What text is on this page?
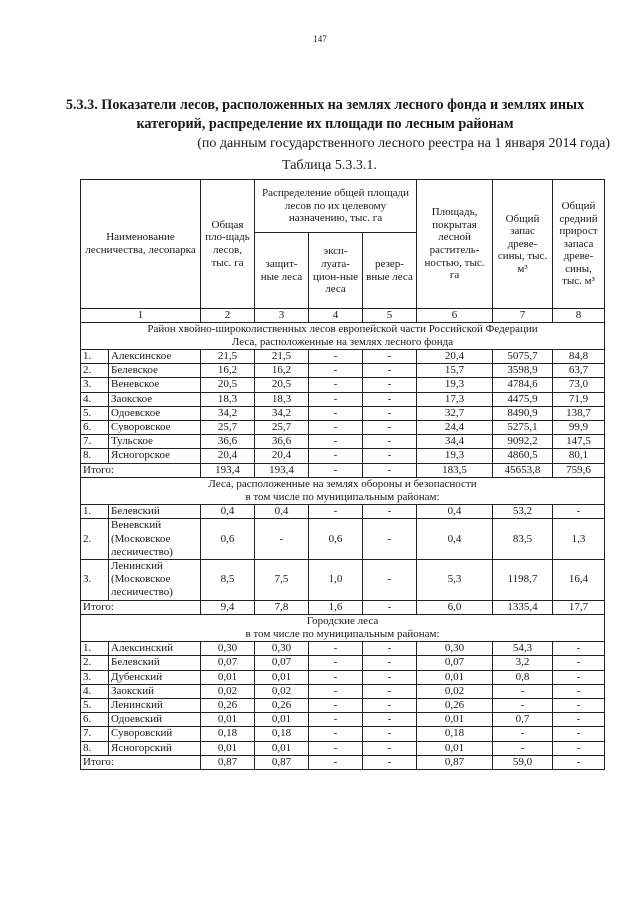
147
5.3.3. Показатели лесов, расположенных на землях лесного фонда и землях иных категорий, распределение их площади по лесным районам
(по данным государственного лесного реестра на 1 января 2014 года)
Таблица 5.3.3.1.
Наименование лесничества, лесопарка		Общая пло-щадь лесов, тыс. га	Распределение общей площади лесов по их целевому назначению, тыс. га			Площадь, покрытая лесной раститель-ностью, тыс. га	Общий запас древе-сины, тыс. м³	Общий средний прирост запаса древе-сины, тыс. м³
			защит-ные леса	эксп-луата-цион-ные леса	резер-вные леса			
1		2	3	4	5	6	7	8

Район хвойно-широколиственных лесов европейской части Российской Федерации
Леса, расположенные на землях лесного фонда								

1.	Алексинское	21,5	21,5	-	-	20,4	5075,7	84,8
2.	Белевское	16,2	16,2	-	-	15,7	3598,9	63,7
3.	Веневское	20,5	20,5	-	-	19,3	4784,6	73,0
4.	Заокское	18,3	18,3	-	-	17,3	4475,9	71,9
5.	Одоевское	34,2	34,2	-	-	32,7	8490,9	138,7
6.	Суворовское	25,7	25,7	-	-	24,4	5275,1	99,9
7.	Тульское	36,6	36,6	-	-	34,4	9092,2	147,5
8.	Ясногорское	20,4	20,4	-	-	19,3	4860,5	80,1
Итого:		193,4	193,4	-	-	183,5	45653,8	759,6

Леса, расположенные на землях обороны и безопасности
в том числе по муниципальным районам:								

1.	Белевский	0,4	0,4	-	-	0,4	53,2	-
2.	Веневский (Московское лесничество)	0,6	-	0,6	-	0,4	83,5	1,3
3.	Ленинский (Московское лесничество)	8,5	7,5	1,0	-	5,3	1198,7	16,4
Итого:		9,4	7,8	1,6	-	6,0	1335,4	17,7

Городские леса
в том числе по муниципальным районам:								

1.	Алексинский	0,30	0,30	-	-	0,30	54,3	-
2.	Белевский	0,07	0,07	-	-	0,07	3,2	-
3.	Дубенский	0,01	0,01	-	-	0,01	0,8	-
4.	Заокский	0,02	0,02	-	-	0,02	-	-
5.	Ленинский	0,26	0,26	-	-	0,26	-	-
6.	Одоевский	0,01	0,01	-	-	0,01	0,7	-
7.	Суворовский	0,18	0,18	-	-	0,18	-	-
8.	Ясногорский	0,01	0,01	-	-	0,01	-	-
Итого:		0,87	0,87	-	-	0,87	59,0	-
